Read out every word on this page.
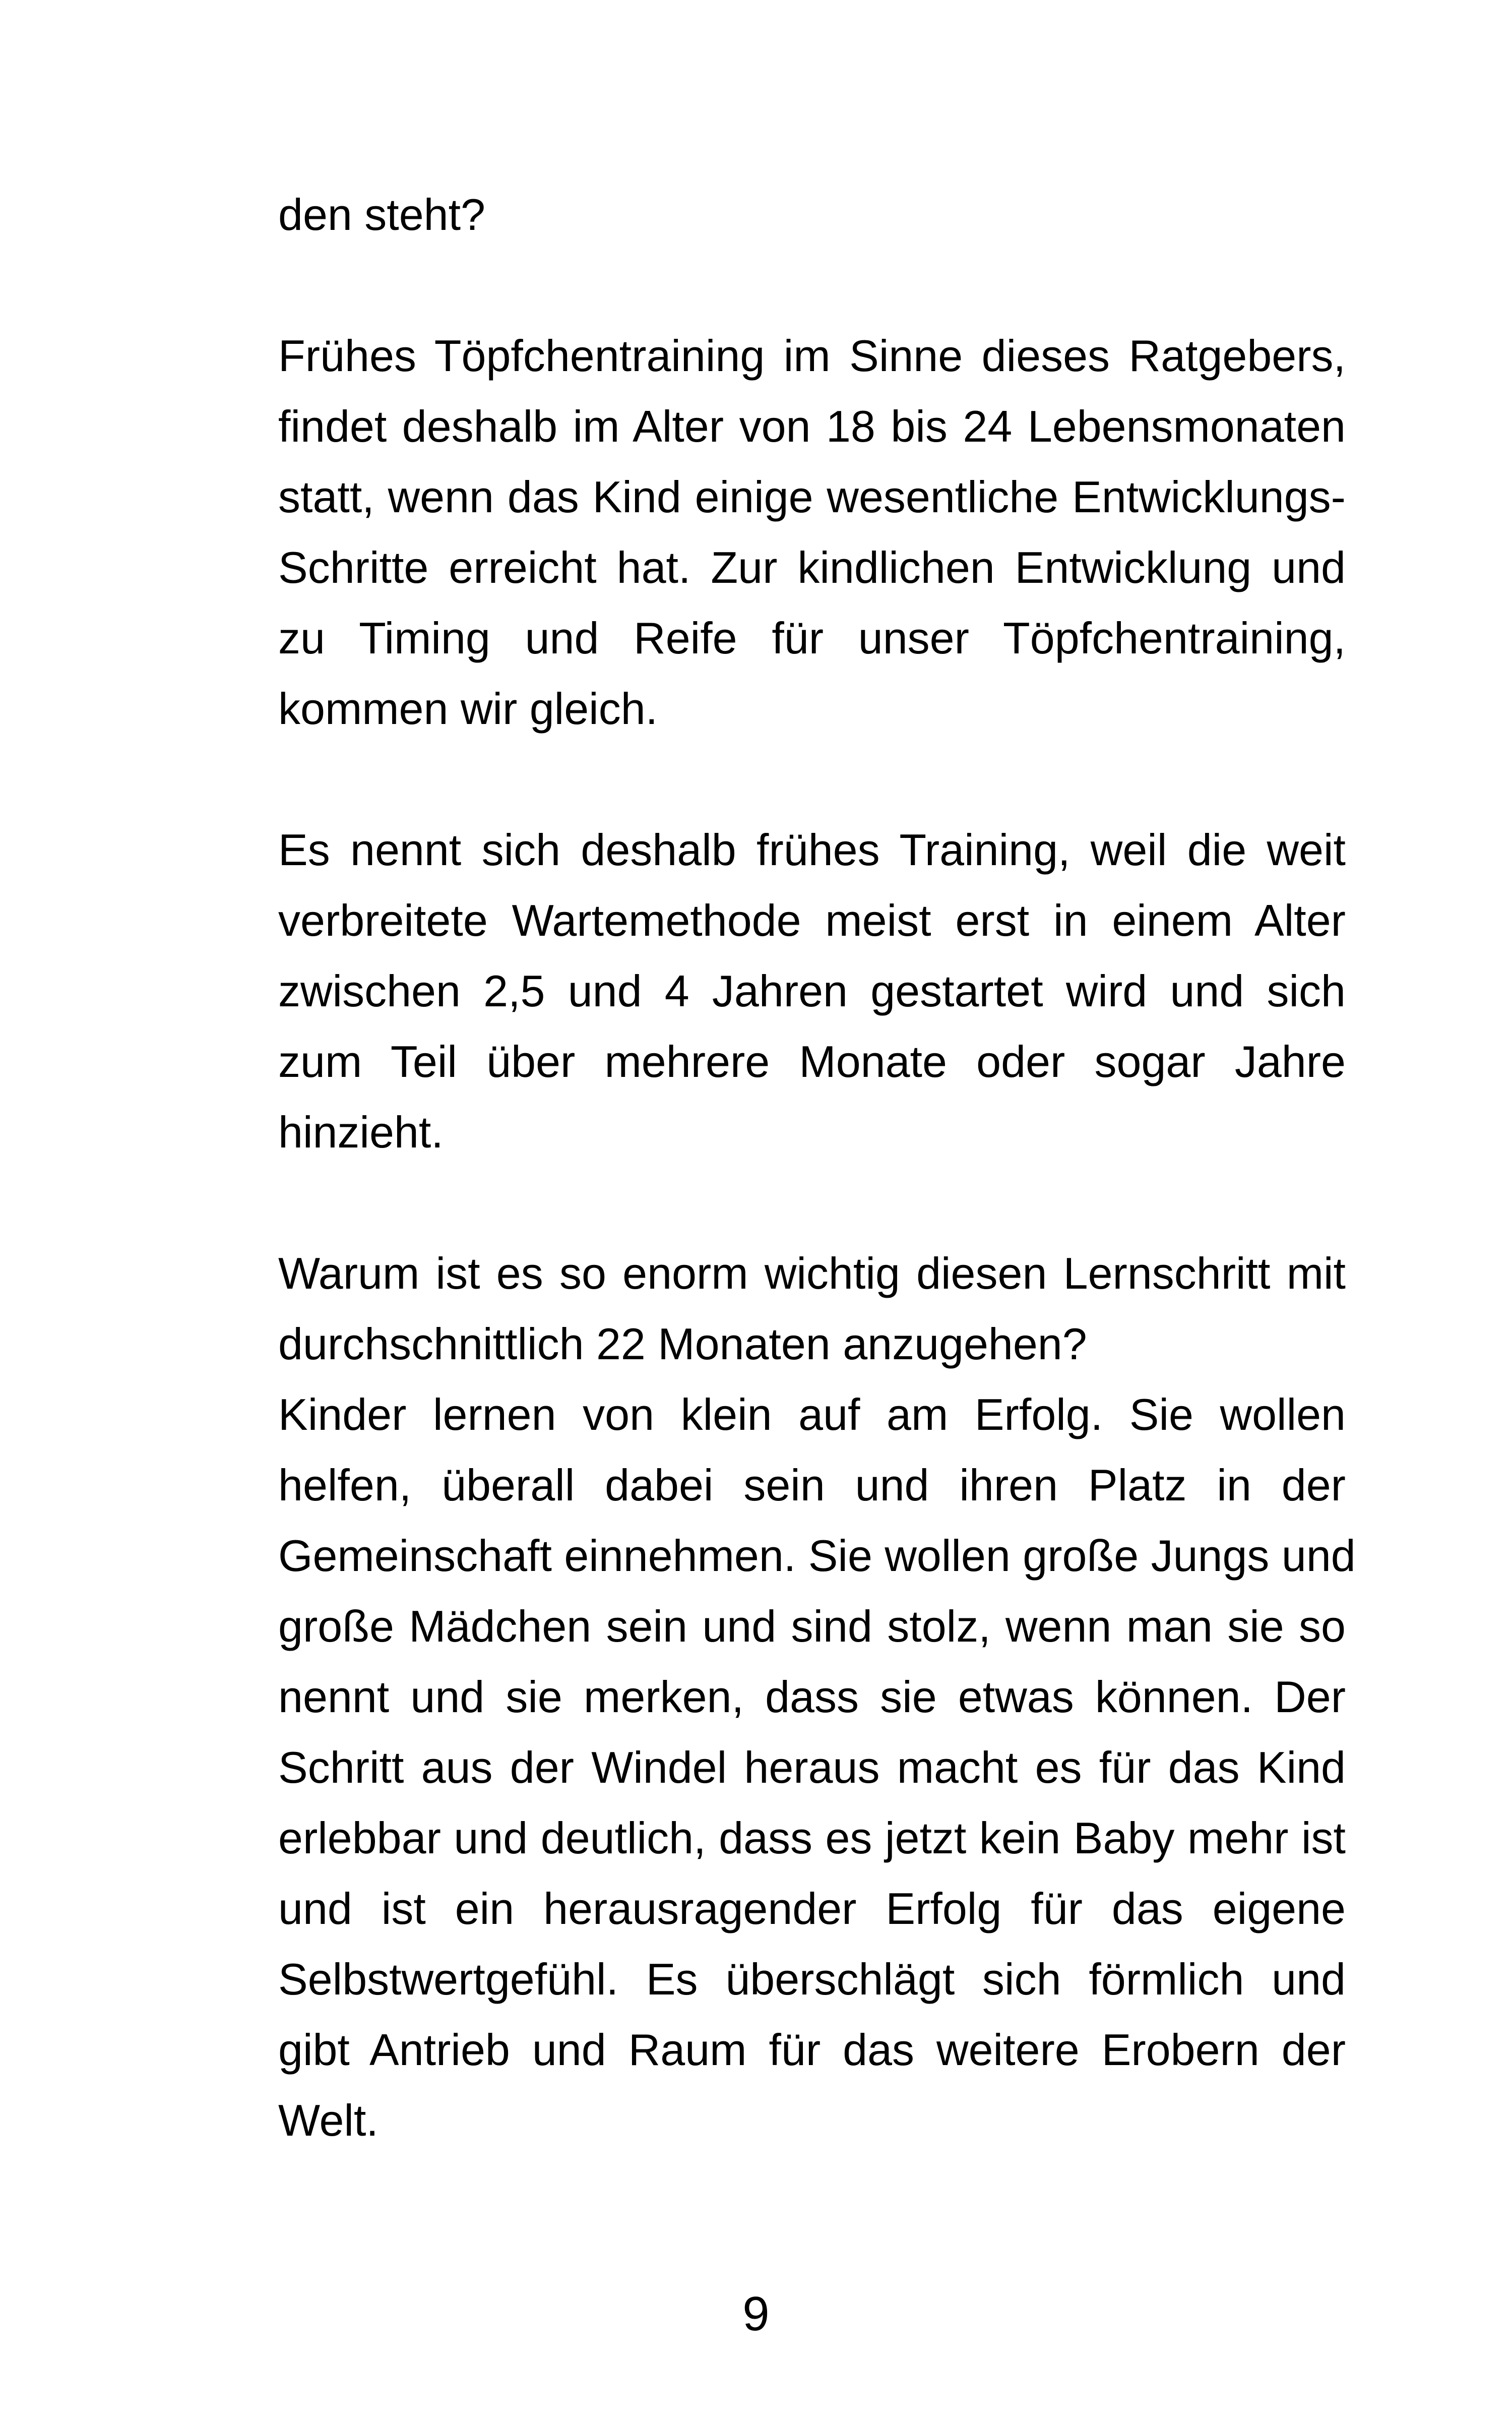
den steht?

Frühes Töpfchentraining im Sinne dieses Ratgebers,
findet deshalb im Alter von 18 bis 24 Lebensmonaten
statt, wenn das Kind einige wesentliche Entwicklungs-
Schritte erreicht hat. Zur kindlichen Entwicklung und
zu Timing und Reife für unser Töpfchentraining,
kommen wir gleich.

Es nennt sich deshalb frühes Training, weil die weit
verbreitete Wartemethode meist erst in einem Alter
zwischen 2,5 und 4 Jahren gestartet wird und sich
zum Teil über mehrere Monate oder sogar Jahre
hinzieht.

Warum ist es so enorm wichtig diesen Lernschritt mit
durchschnittlich 22 Monaten anzugehen?
Kinder lernen von klein auf am Erfolg. Sie wollen
helfen, überall dabei sein und ihren Platz in der
Gemeinschaft einnehmen. Sie wollen große Jungs und
große Mädchen sein und sind stolz, wenn man sie so
nennt und sie merken, dass sie etwas können. Der
Schritt aus der Windel heraus macht es für das Kind
erlebbar und deutlich, dass es jetzt kein Baby mehr ist
und ist ein herausragender Erfolg für das eigene
Selbstwertgefühl. Es überschlägt sich förmlich und
gibt Antrieb und Raum für das weitere Erobern der
Welt.

9
